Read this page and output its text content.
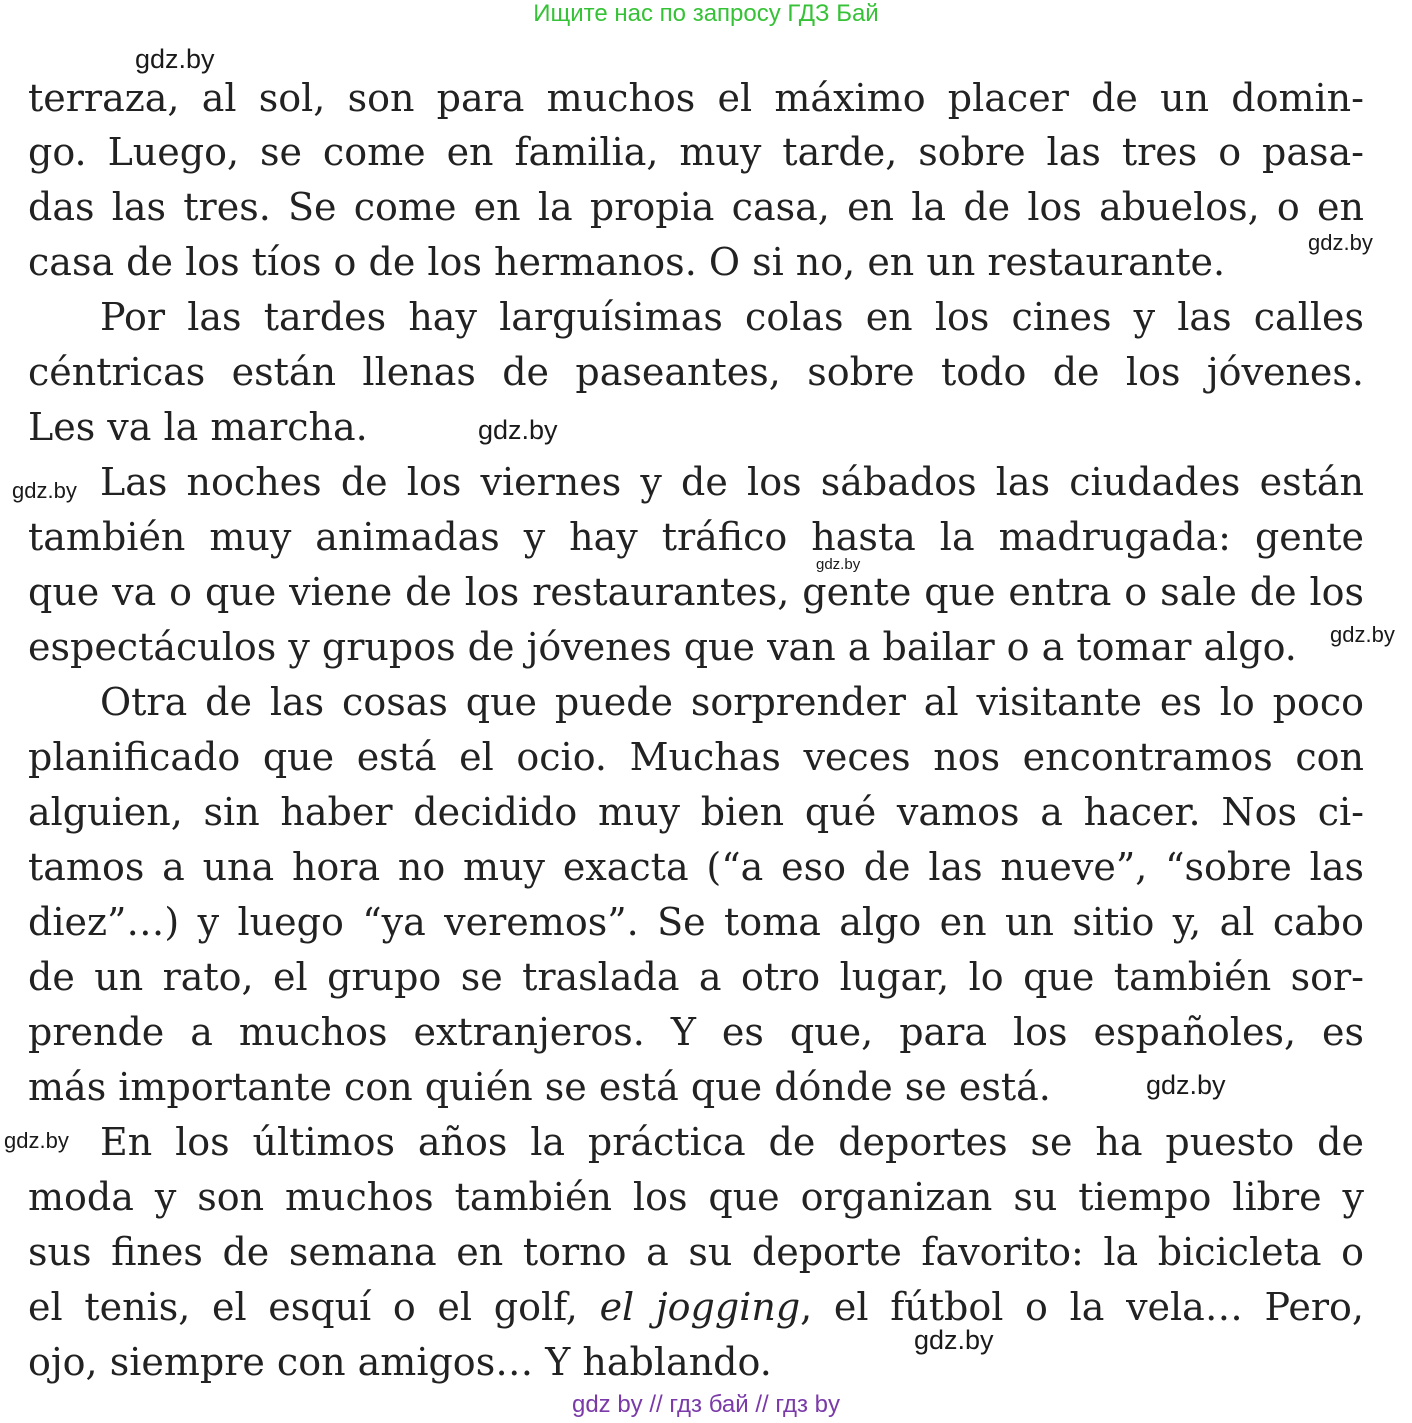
Ищите нас по запросу ГДЗ Бай
terraza, al sol, son para muchos el máximo placer de un domin-
go. Luego, se come en familia, muy tarde, sobre las tres o pasa-
das las tres. Se come en la propia casa, en la de los abuelos, o en
casa de los tíos o de los hermanos. O si no, en un restaurante.
Por las tardes hay larguísimas colas en los cines y las calles
céntricas están llenas de paseantes, sobre todo de los jóvenes.
Les va la marcha.
Las noches de los viernes y de los sábados las ciudades están
también muy animadas y hay tráfico hasta la madrugada: gente
que va o que viene de los restaurantes, gente que entra o sale de los
espectáculos y grupos de jóvenes que van a bailar o a tomar algo.
Otra de las cosas que puede sorprender al visitante es lo poco
planificado que está el ocio. Muchas veces nos encontramos con
alguien, sin haber decidido muy bien qué vamos a hacer. Nos ci-
tamos a una hora no muy exacta (“a eso de las nueve”, “sobre las
diez”…) y luego “ya veremos”. Se toma algo en un sitio y, al cabo
de un rato, el grupo se traslada a otro lugar, lo que también sor-
prende a muchos extranjeros. Y es que, para los españoles, es
más importante con quién se está que dónde se está.
En los últimos años la práctica de deportes se ha puesto de
moda y son muchos también los que organizan su tiempo libre y
sus fines de semana en torno a su deporte favorito: la bicicleta o
el tenis, el esquí o el golf, el jogging, el fútbol o la vela… Pero,
ojo, siempre con amigos… Y hablando.
gdz.by
gdz.by
gdz.by
gdz.by
gdz.by
gdz.by
gdz.by
gdz.by
gdz.by
gdz by // гдз бай // гдз by
